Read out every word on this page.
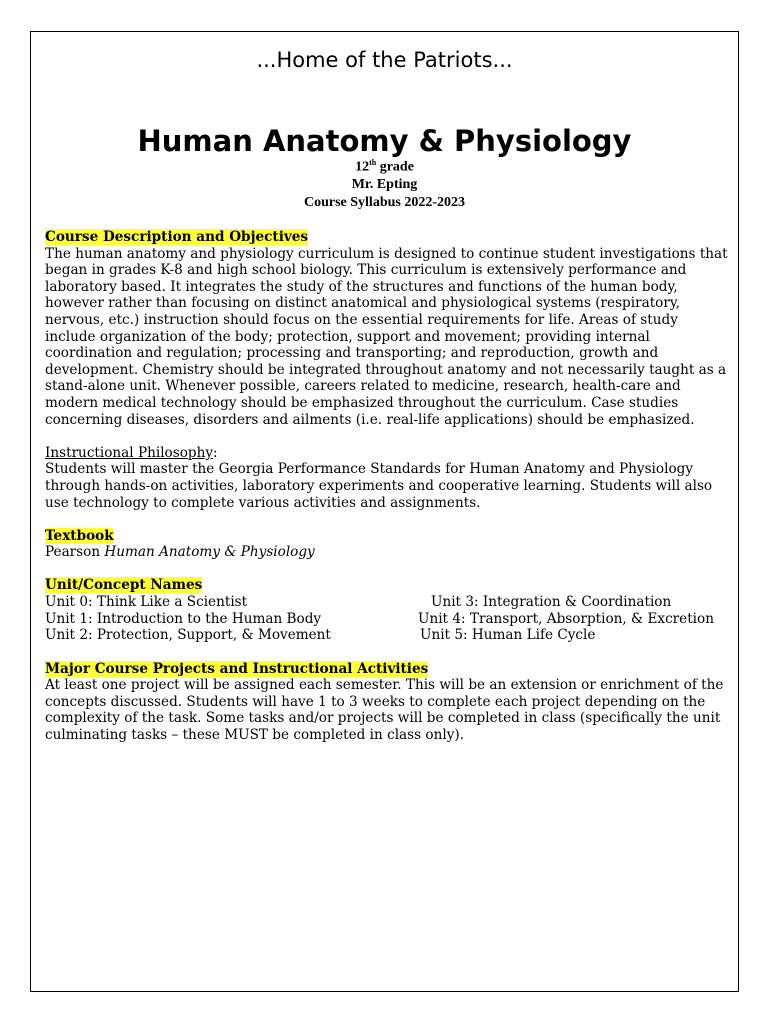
...Home of the Patriots...
Human Anatomy & Physiology
12th grade
Mr. Epting
Course Syllabus 2022-2023

Course Description and Objectives

The human anatomy and physiology curriculum is designed to continue student investigations that began in grades K-8 and high school biology. This curriculum is extensively performance and laboratory based. It integrates the study of the structures and functions of the human body, however rather than focusing on distinct anatomical and physiological systems (respiratory, nervous, etc.) instruction should focus on the essential requirements for life. Areas of study include organization of the body; protection, support and movement; providing internal coordination and regulation; processing and transporting; and reproduction, growth and development. Chemistry should be integrated throughout anatomy and not necessarily taught as a stand-alone unit. Whenever possible, careers related to medicine, research, health-care and modern medical technology should be emphasized throughout the curriculum. Case studies concerning diseases, disorders and ailments (i.e. real-life applications) should be emphasized.

Instructional Philosophy:

Students will master the Georgia Performance Standards for Human Anatomy and Physiology through hands-on activities, laboratory experiments and cooperative learning. Students will also use technology to complete various activities and assignments.

Textbook

Pearson Human Anatomy & Physiology

Unit/Concept Names

Unit 0: Think Like a Scientist
Unit 1: Introduction to the Human Body
Unit 2: Protection, Support, & Movement
Unit 3: Integration & Coordination
Unit 4: Transport, Absorption, & Excretion
Unit 5: Human Life Cycle

Major Course Projects and Instructional Activities

At least one project will be assigned each semester. This will be an extension or enrichment of the concepts discussed. Students will have 1 to 3 weeks to complete each project depending on the complexity of the task. Some tasks and/or projects will be completed in class (specifically the unit culminating tasks – these MUST be completed in class only).
